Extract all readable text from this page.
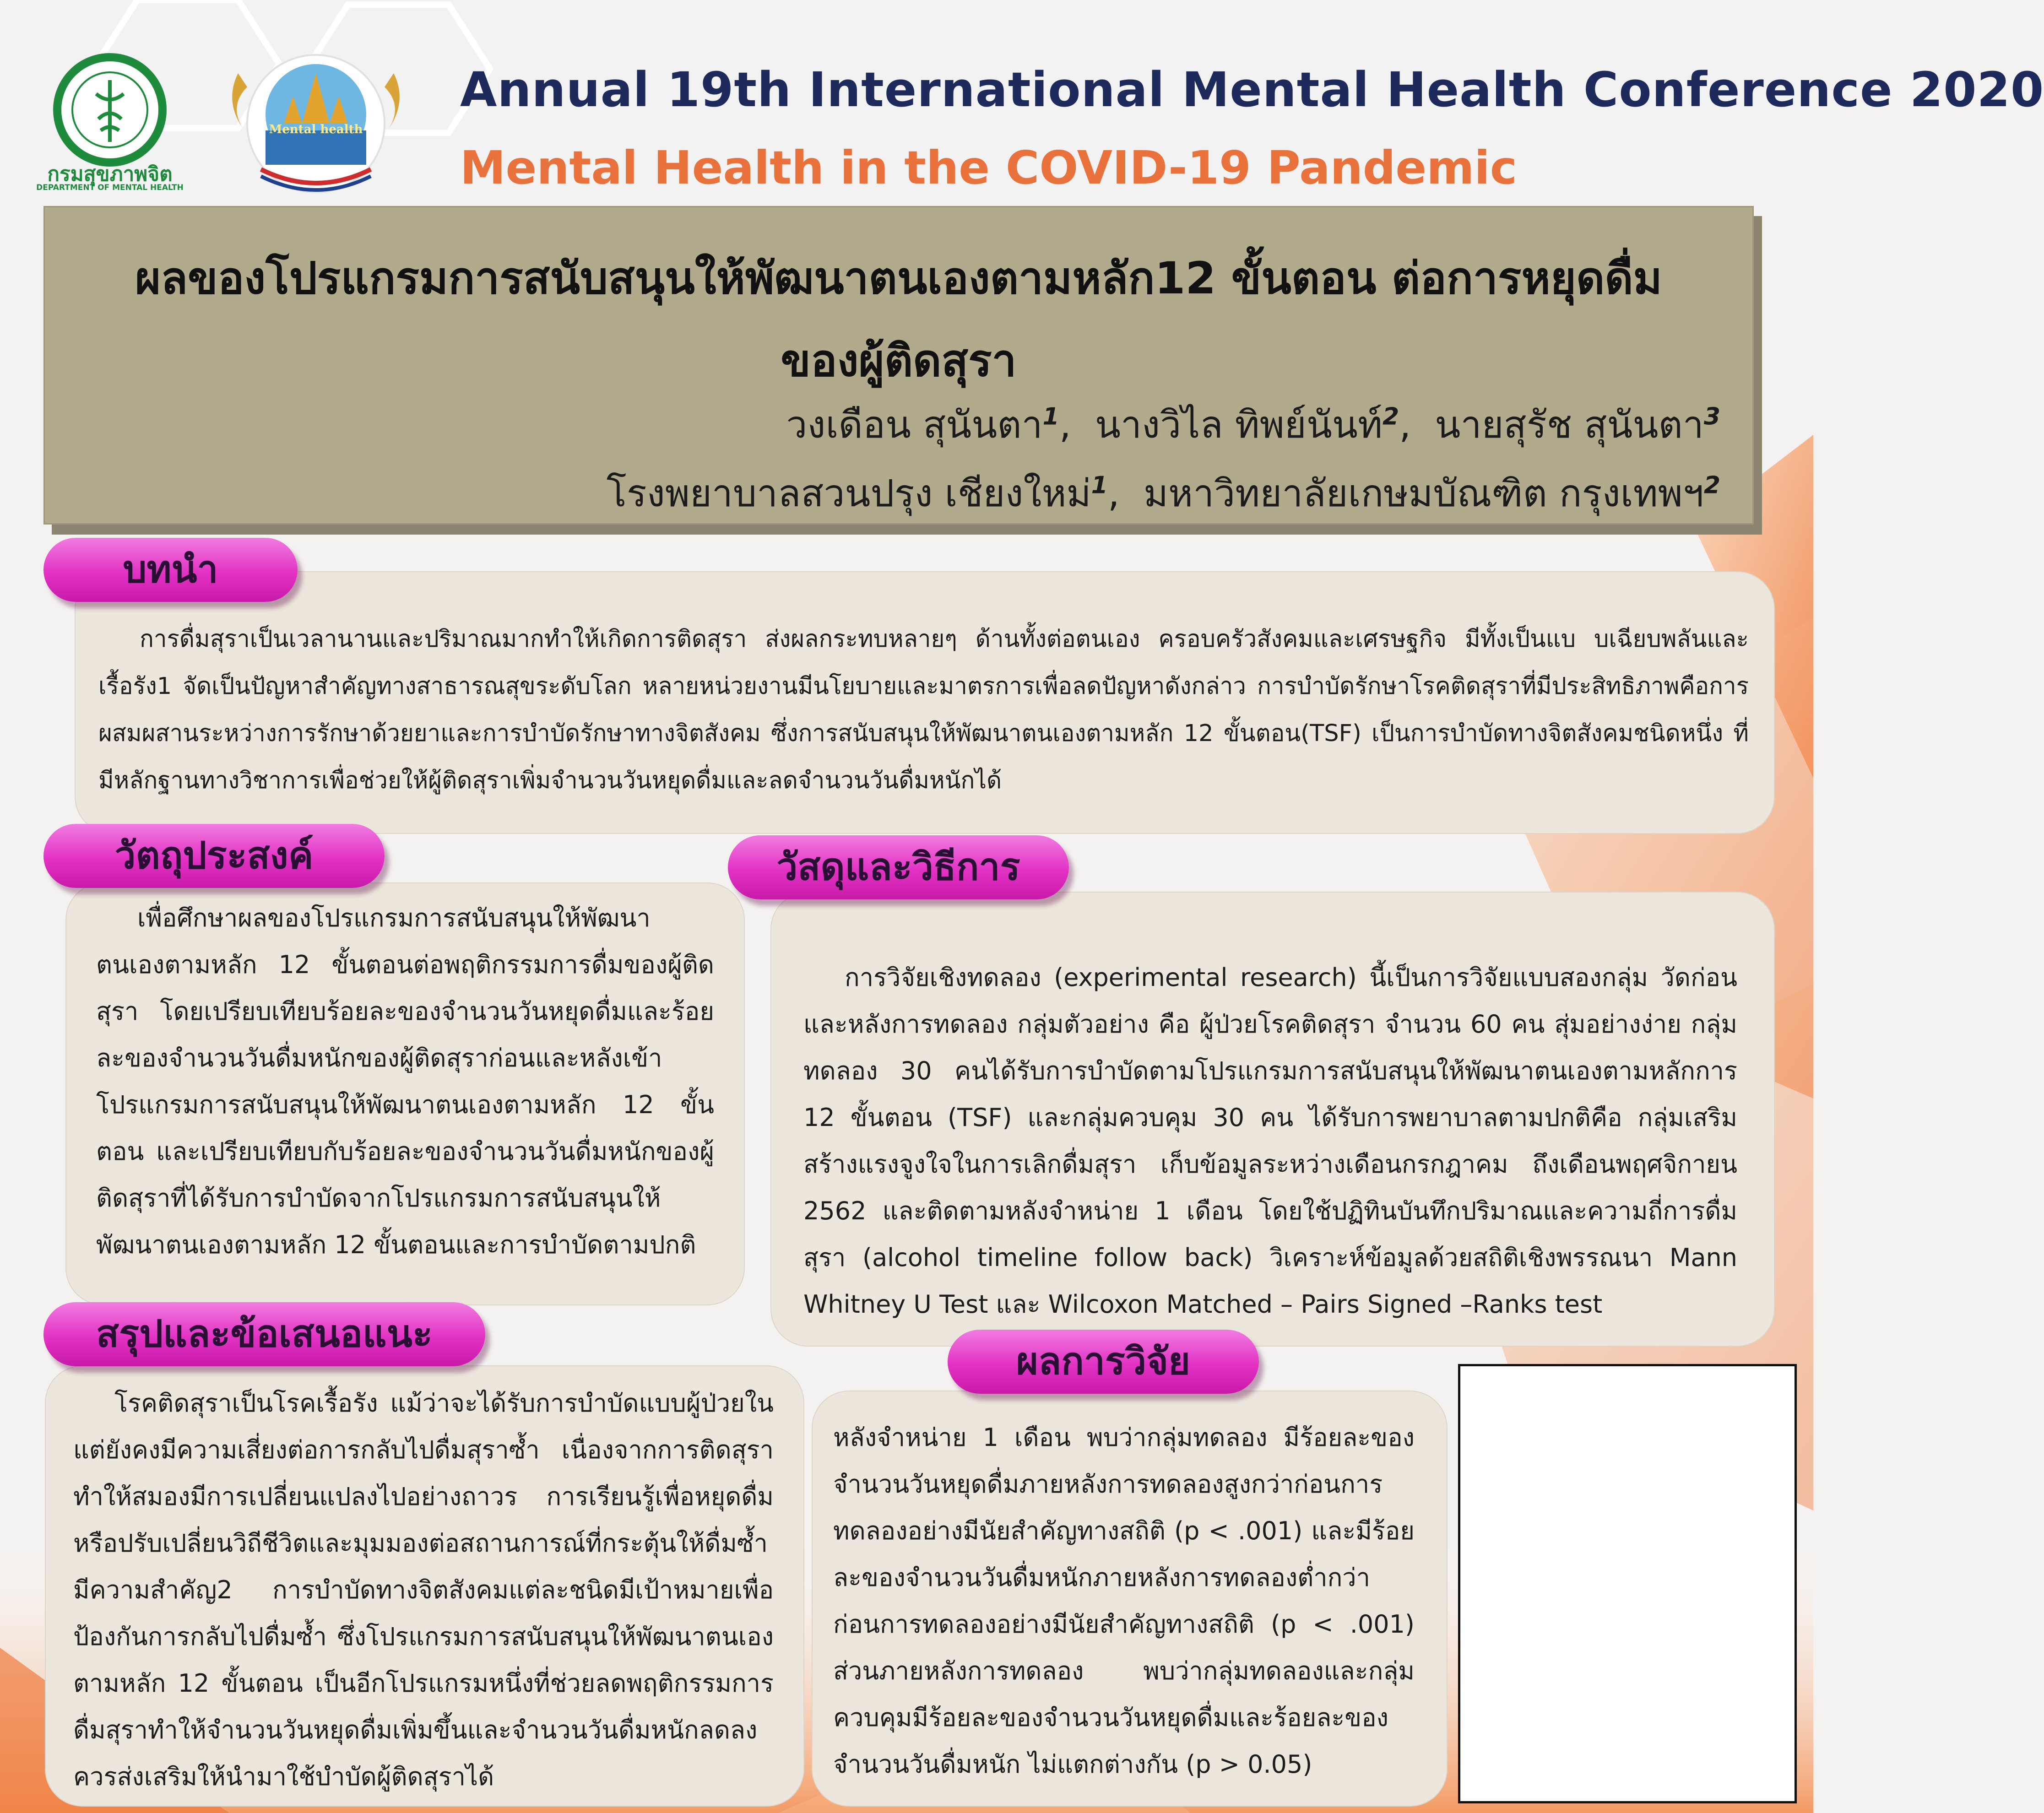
กรมสุขภาพจิต
DEPARTMENT OF MENTAL HEALTH
Mental health
Annual 19th International Mental Health Conference 2020
Mental Health in the COVID-19 Pandemic
ผลของโปรแกรมการสนับสนุนให้พัฒนาตนเองตามหลัก12 ขั้นตอน ต่อการหยุดดื่ม
ของผู้ติดสุรา
วงเดือน สุนันตา$^1$,  นางวิไล ทิพย์นันท์$^2$,  นายสุรัช สุนันตา$^3$
โรงพยาบาลสวนปรุง เชียงใหม่$^1$,  มหาวิทยาลัยเกษมบัณฑิต กรุงเทพฯ$^2$

การดื่มสุราเป็นเวลานานและปริมาณมากทำให้เกิดการติดสุรา ส่งผลกระทบหลายๆ ด้านทั้งต่อตนเอง ครอบครัวสังคมและเศรษฐกิจ มีทั้งเป็นแบ บเฉียบพลันและเรื้อรัง1 จัดเป็นปัญหาสำคัญทางสาธารณสุขระดับโลก หลายหน่วยงานมีนโยบายและมาตรการเพื่อลดปัญหาดังกล่าว การบำบัดรักษาโรคติดสุราที่มีประสิทธิภาพคือการผสมผสานระหว่างการรักษาด้วยยาและการบำบัดรักษาทางจิตสังคม ซึ่งการสนับสนุนให้พัฒนาตนเองตามหลัก 12 ขั้นตอน(TSF) เป็นการบำบัดทางจิตสังคมชนิดหนึ่ง ที่มีหลักฐานทางวิชาการเพื่อช่วยให้ผู้ติดสุราเพิ่มจำนวนวันหยุดดื่มและลดจำนวนวันดื่มหนักได้

บทนำ

เพื่อศึกษาผลของโปรแกรมการสนับสนุนให้พัฒนาตนเองตามหลัก 12 ขั้นตอนต่อพฤติกรรมการดื่มของผู้ติดสุรา โดยเปรียบเทียบร้อยละของจำนวนวันหยุดดื่มและร้อยละของจำนวนวันดื่มหนักของผู้ติดสุราก่อนและหลังเข้าโปรแกรมการสนับสนุนให้พัฒนาตนเองตามหลัก 12 ขั้นตอน และเปรียบเทียบกับร้อยละของจำนวนวันดื่มหนักของผู้ติดสุราที่ได้รับการบำบัดจากโปรแกรมการสนับสนุนให้พัฒนาตนเองตามหลัก 12 ขั้นตอนและการบำบัดตามปกติ

วัตถุประสงค์

การวิจัยเชิงทดลอง (experimental research) นี้เป็นการวิจัยแบบสองกลุ่ม วัดก่อนและหลังการทดลอง กลุ่มตัวอย่าง คือ ผู้ป่วยโรคติดสุรา จำนวน 60 คน สุ่มอย่างง่าย กลุ่มทดลอง 30 คนได้รับการบำบัดตามโปรแกรมการสนับสนุนให้พัฒนาตนเองตามหลักการ 12 ขั้นตอน (TSF) และกลุ่มควบคุม 30 คน ได้รับการพยาบาลตามปกติคือ กลุ่มเสริมสร้างแรงจูงใจในการเลิกดื่มสุรา เก็บข้อมูลระหว่างเดือนกรกฎาคม ถึงเดือนพฤศจิกายน 2562 และติดตามหลังจำหน่าย 1 เดือน โดยใช้ปฏิทินบันทึกปริมาณและความถี่การดื่มสุรา (alcohol timeline follow back) วิเคราะห์ข้อมูลด้วยสถิติเชิงพรรณนา Mann Whitney U Test และ Wilcoxon Matched – Pairs Signed –Ranks test

วัสดุและวิธีการ

โรคติดสุราเป็นโรคเรื้อรัง แม้ว่าจะได้รับการบำบัดแบบผู้ป่วยในแต่ยังคงมีความเสี่ยงต่อการกลับไปดื่มสุราซ้ำ เนื่องจากการติดสุราทำให้สมองมีการเปลี่ยนแปลงไปอย่างถาวร การเรียนรู้เพื่อหยุดดื่มหรือปรับเปลี่ยนวิถีชีวิตและมุมมองต่อสถานการณ์ที่กระตุ้นให้ดื่มซ้ำมีความสำคัญ2 การบำบัดทางจิตสังคมแต่ละชนิดมีเป้าหมายเพื่อป้องกันการกลับไปดื่มซ้ำ ซึ่งโปรแกรมการสนับสนุนให้พัฒนาตนเองตามหลัก 12 ขั้นตอน เป็นอีกโปรแกรมหนึ่งที่ช่วยลดพฤติกรรมการดื่มสุราทำให้จำนวนวันหยุดดื่มเพิ่มขึ้นและจำนวนวันดื่มหนักลดลง ควรส่งเสริมให้นำมาใช้บำบัดผู้ติดสุราได้

สรุปและข้อเสนอแนะ

หลังจำหน่าย 1 เดือน พบว่ากลุ่มทดลอง มีร้อยละของจำนวนวันหยุดดื่มภายหลังการทดลองสูงกว่าก่อนการทดลองอย่างมีนัยสำคัญทางสถิติ (p < .001) และมีร้อยละของจำนวนวันดื่มหนักภายหลังการทดลองต่ำกว่าก่อนการทดลองอย่างมีนัยสำคัญทางสถิติ (p < .001) ส่วนภายหลังการทดลอง พบว่ากลุ่มทดลองและกลุ่มควบคุมมีร้อยละของจำนวนวันหยุดดื่มและร้อยละของจำนวนวันดื่มหนัก ไม่แตกต่างกัน (p > 0.05)

ผลการวิจัย
